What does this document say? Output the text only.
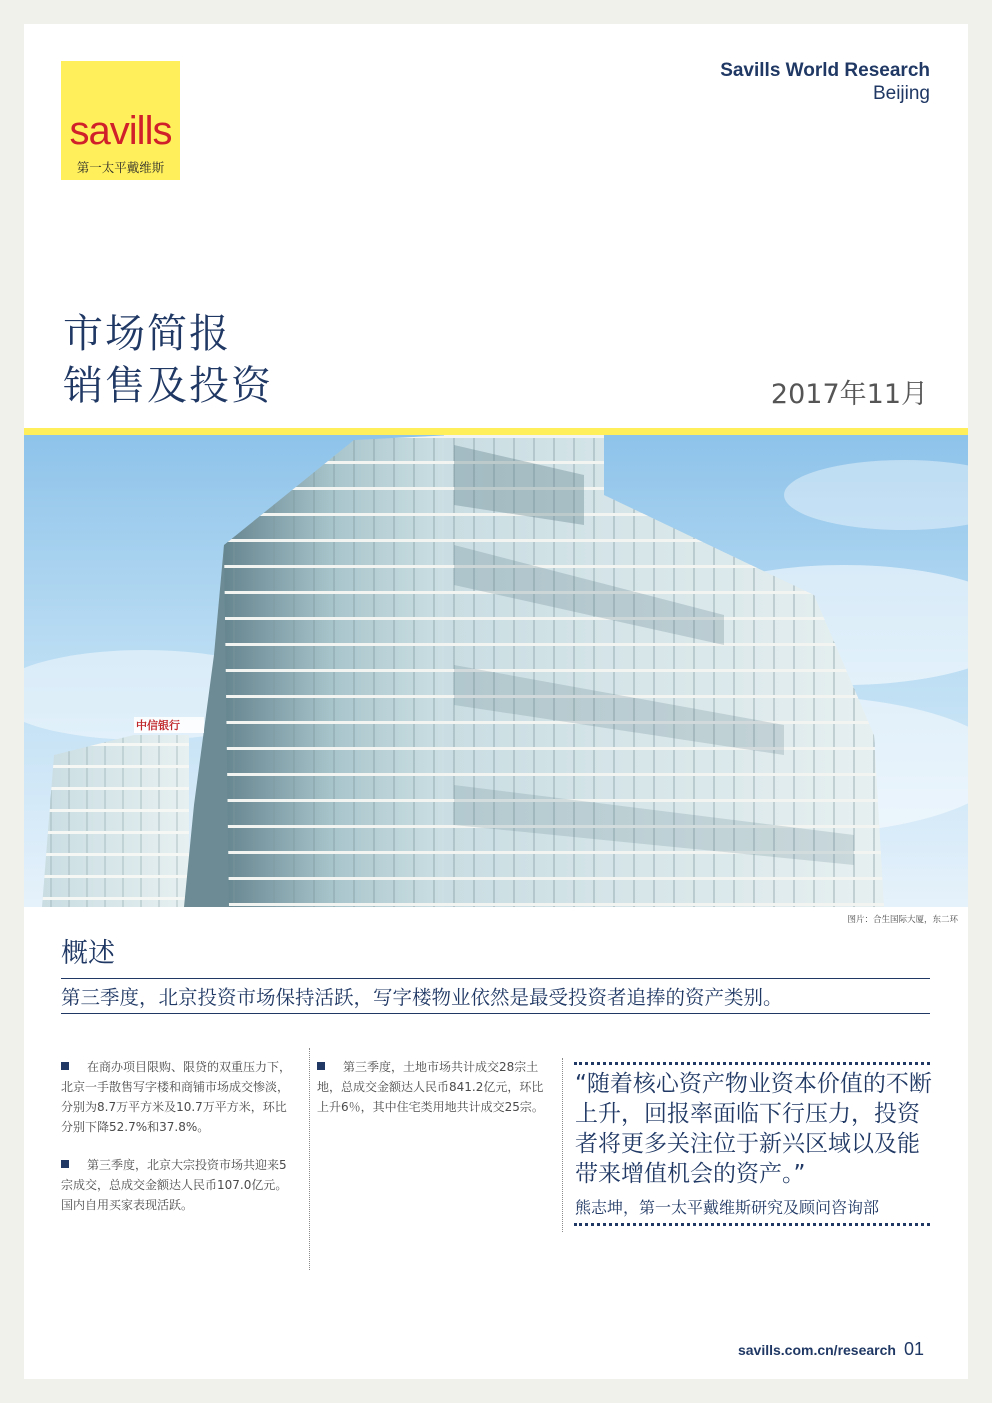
savills
第一太平戴维斯
Savills World Research
Beijing
市场简报
销售及投资	2017年11月
中信银行
图片：合生国际大厦，东二环
概述
第三季度，北京投资市场保持活跃，写字楼物业依然是最受投资者追捧的资产类别。

在商办项目限购、限贷的双重压力下，北京一手散售写字楼和商铺市场成交惨淡，分别为8.7万平方米及10.7万平方米，环比分别下降52.7%和37.8%。

第三季度，北京大宗投资市场共迎来5宗成交，总成交金额达人民币107.0亿元。国内自用买家表现活跃。

第三季度，土地市场共计成交28宗土地，总成交金额达人民币841.2亿元，环比上升6％，其中住宅类用地共计成交25宗。

“随着核心资产物业资本价值的不断上升，回报率面临下行压力，投资者将更多关注位于新兴区域以及能带来增值机会的资产。”
熊志坤，第一太平戴维斯研究及顾问咨询部
savills.com.cn/research 01
